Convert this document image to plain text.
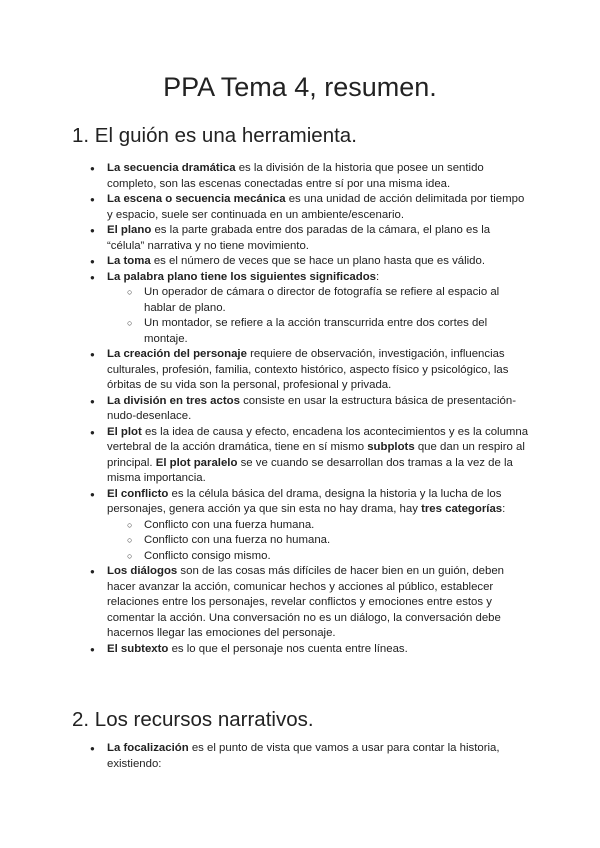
PPA Tema 4, resumen.
1. El guión es una herramienta.
● La secuencia dramática es la división de la historia que posee un sentido completo, son las escenas conectadas entre sí por una misma idea.
● La escena o secuencia mecánica es una unidad de acción delimitada por tiempo y espacio, suele ser continuada en un ambiente/escenario.
● El plano es la parte grabada entre dos paradas de la cámara, el plano es la “célula” narrativa y no tiene movimiento.
● La toma es el número de veces que se hace un plano hasta que es válido.
● La palabra plano tiene los siguientes significados:
○ Un operador de cámara o director de fotografía se refiere al espacio al hablar de plano.
○ Un montador, se refiere a la acción transcurrida entre dos cortes del montaje.
● La creación del personaje requiere de observación, investigación, influencias culturales, profesión, familia, contexto histórico, aspecto físico y psicológico, las órbitas de su vida son la personal, profesional y privada.
● La división en tres actos consiste en usar la estructura básica de presentación-nudo-desenlace.
● El plot es la idea de causa y efecto, encadena los acontecimientos y es la columna vertebral de la acción dramática, tiene en sí mismo subplots que dan un respiro al principal. El plot paralelo se ve cuando se desarrollan dos tramas a la vez de la misma importancia.
● El conflicto es la célula básica del drama, designa la historia y la lucha de los personajes, genera acción ya que sin esta no hay drama, hay tres categorías:
○ Conflicto con una fuerza humana.
○ Conflicto con una fuerza no humana.
○ Conflicto consigo mismo.
● Los diálogos son de las cosas más difíciles de hacer bien en un guión, deben hacer avanzar la acción, comunicar hechos y acciones al público, establecer relaciones entre los personajes, revelar conflictos y emociones entre estos y comentar la acción. Una conversación no es un diálogo, la conversación debe hacernos llegar las emociones del personaje.
● El subtexto es lo que el personaje nos cuenta entre líneas.
2. Los recursos narrativos.
● La focalización es el punto de vista que vamos a usar para contar la historia, existiendo:
